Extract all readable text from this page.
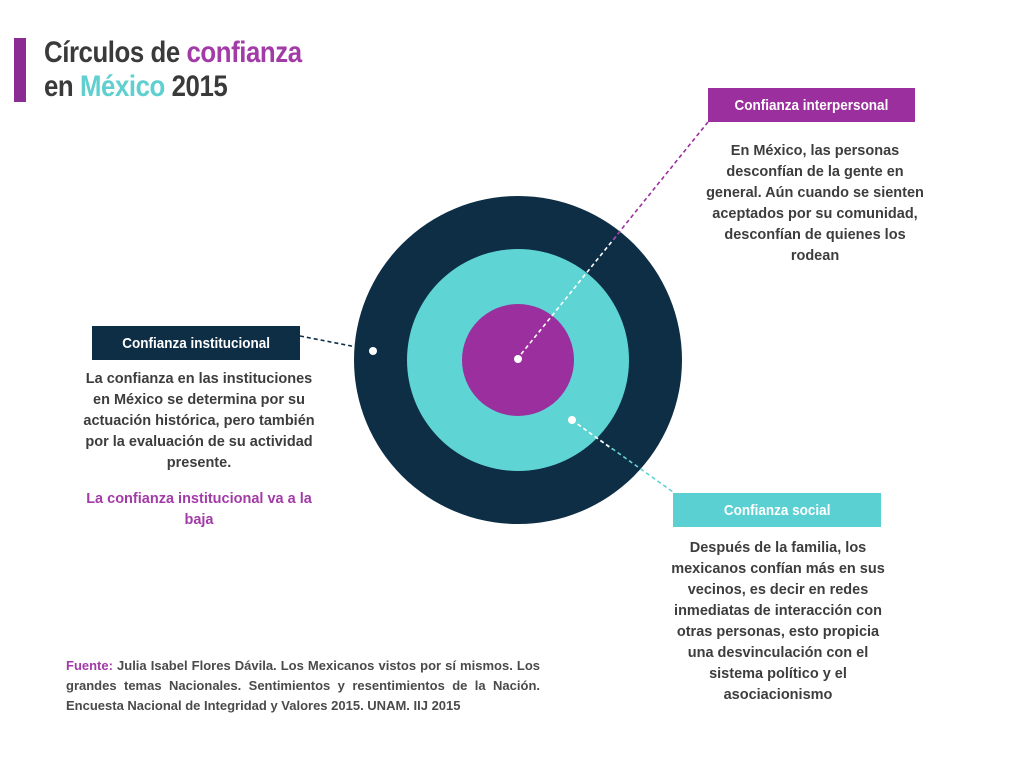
Círculos de confianza
en México 2015
Confianza interpersonal

En México, las personas desconfían de la gente en general. Aún cuando se sienten aceptados por su comunidad, desconfían de quienes los rodean

Confianza institucional

La confianza en las instituciones en México se determina por su actuación histórica, pero también por la evaluación de su actividad presente.

La confianza institucional va a la baja

Confianza social

Después de la familia, los mexicanos confían más en sus vecinos, es decir en redes inmediatas de interacción con otras personas, esto propicia una desvinculación con el sistema político y el asociacionismo

Fuente: Julia Isabel Flores Dávila. Los Mexicanos vistos por sí mismos. Los grandes temas Nacionales. Sentimientos y resentimientos de la Nación. Encuesta Nacional de Integridad y Valores 2015. UNAM. IIJ 2015
